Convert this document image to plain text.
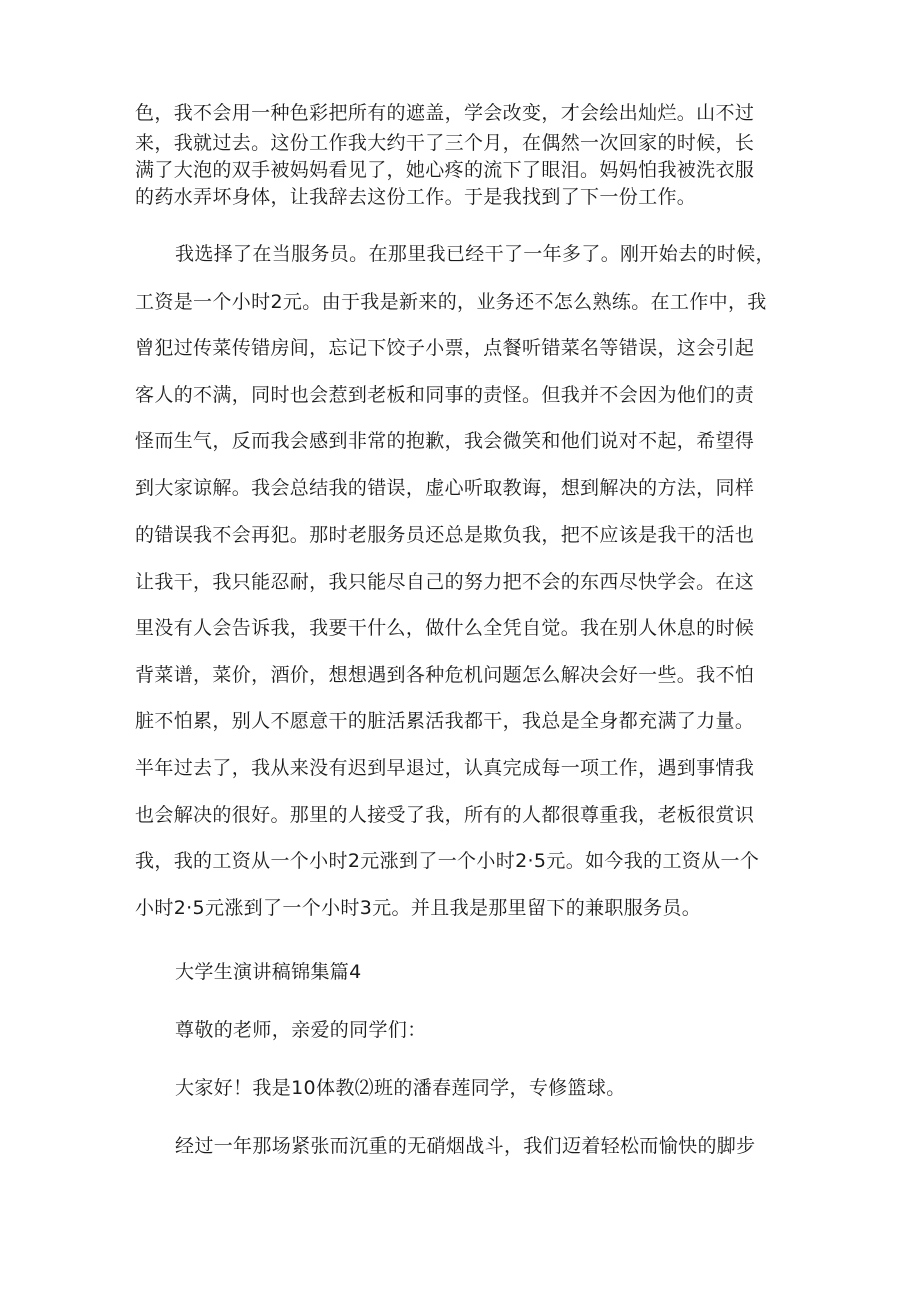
色，我不会用一种色彩把所有的遮盖，学会改变，才会绘出灿烂。山不过
来，我就过去。这份工作我大约干了三个月，在偶然一次回家的时候，长
满了大泡的双手被妈妈看见了，她心疼的流下了眼泪。妈妈怕我被洗衣服
的药水弄坏身体，让我辞去这份工作。于是我找到了下一份工作。
我选择了在当服务员。在那里我已经干了一年多了。刚开始去的时候，
工资是一个小时2元。由于我是新来的，业务还不怎么熟练。在工作中，我
曾犯过传菜传错房间，忘记下饺子小票，点餐听错菜名等错误，这会引起
客人的不满，同时也会惹到老板和同事的责怪。但我并不会因为他们的责
怪而生气，反而我会感到非常的抱歉，我会微笑和他们说对不起，希望得
到大家谅解。我会总结我的错误，虚心听取教诲，想到解决的方法，同样
的错误我不会再犯。那时老服务员还总是欺负我，把不应该是我干的活也
让我干，我只能忍耐，我只能尽自己的努力把不会的东西尽快学会。在这
里没有人会告诉我，我要干什么，做什么全凭自觉。我在别人休息的时候
背菜谱，菜价，酒价，想想遇到各种危机问题怎么解决会好一些。我不怕
脏不怕累，别人不愿意干的脏活累活我都干，我总是全身都充满了力量。
半年过去了，我从来没有迟到早退过，认真完成每一项工作，遇到事情我
也会解决的很好。那里的人接受了我，所有的人都很尊重我，老板很赏识
我，我的工资从一个小时2元涨到了一个小时2·5元。如今我的工资从一个
小时2·5元涨到了一个小时3元。并且我是那里留下的兼职服务员。
大学生演讲稿锦集篇4
尊敬的老师，亲爱的同学们：
大家好！我是10体教⑵班的潘春莲同学，专修篮球。
经过一年那场紧张而沉重的无硝烟战斗，我们迈着轻松而愉快的脚步
